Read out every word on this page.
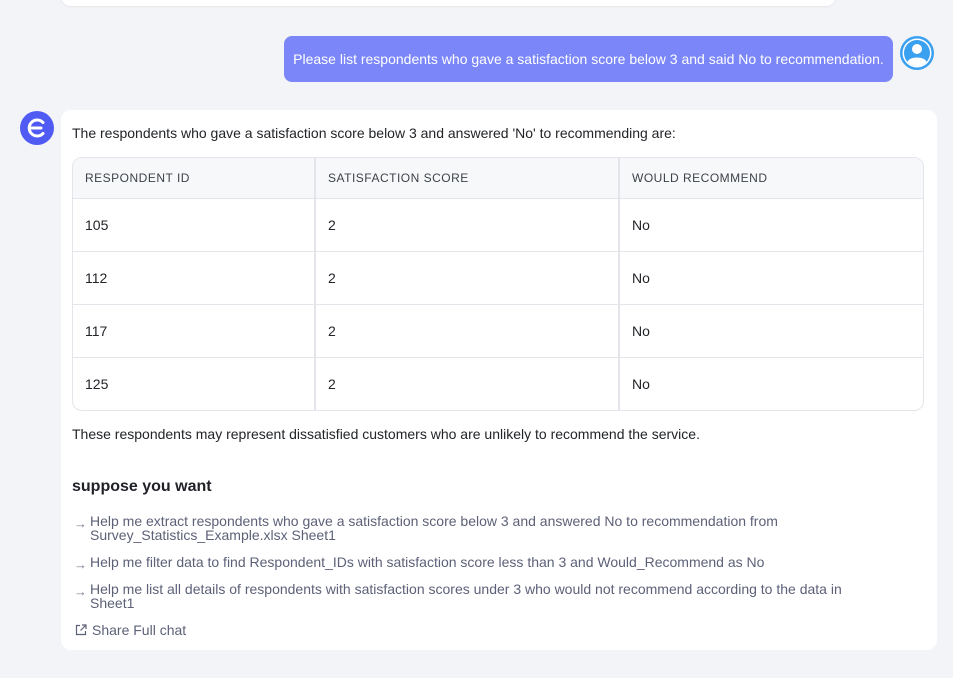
Please list respondents who gave a satisfaction score below 3 and said No to recommendation.
The respondents who gave a satisfaction score below 3 and answered 'No' to recommending are:
RESPONDENT ID	SATISFACTION SCORE	WOULD RECOMMEND
105	2	No
112	2	No
117	2	No
125	2	No
These respondents may represent dissatisfied customers who are unlikely to recommend the service.
suppose you want
→ Help me extract respondents who gave a satisfaction score below 3 and answered No to recommendation from
Survey_Statistics_Example.xlsx Sheet1
→ Help me filter data to find Respondent_IDs with satisfaction score less than 3 and Would_Recommend as No
→ Help me list all details of respondents with satisfaction scores under 3 who would not recommend according to the data in
Sheet1
Share Full chat
